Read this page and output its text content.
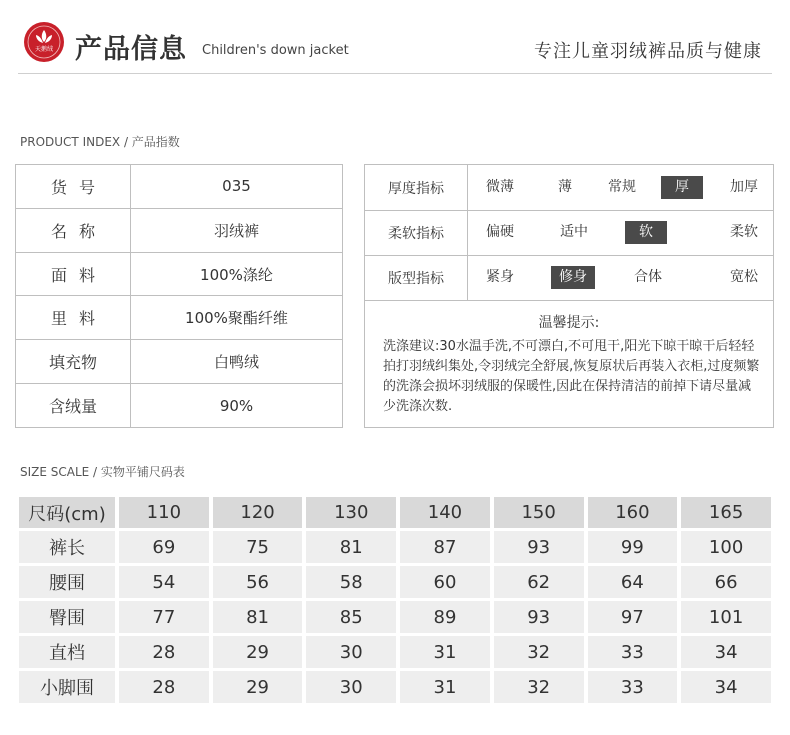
天鹅绒 产品信息 Children's down jacket	专注儿童羽绒裤品质与健康
PRODUCT INDEX / 产品指数
货号	035
名称	羽绒裤
面料	100%涤纶
里料	100%聚酯纤维
填充物	白鸭绒
含绒量	90%
厚度指标	微薄	薄	常规	厚	加厚
柔软指标	偏硬	适中	软	柔软
版型指标	紧身	修身	合体	宽松
温馨提示:
洗涤建议:30水温手洗,不可漂白,不可甩干,阳光下晾干晾干后轻轻拍打羽绒纠集处,令羽绒完全舒展,恢复原状后再装入衣柜,过度频繁的洗涤会损坏羽绒服的保暖性,因此在保持清洁的前掉下请尽量减少洗涤次数.
SIZE SCALE / 实物平铺尺码表
尺码(cm)	110	120	130	140	150	160	165
裤长	69	75	81	87	93	99	100
腰围	54	56	58	60	62	64	66
臀围	77	81	85	89	93	97	101
直档	28	29	30	31	32	33	34
小脚围	28	29	30	31	32	33	34
